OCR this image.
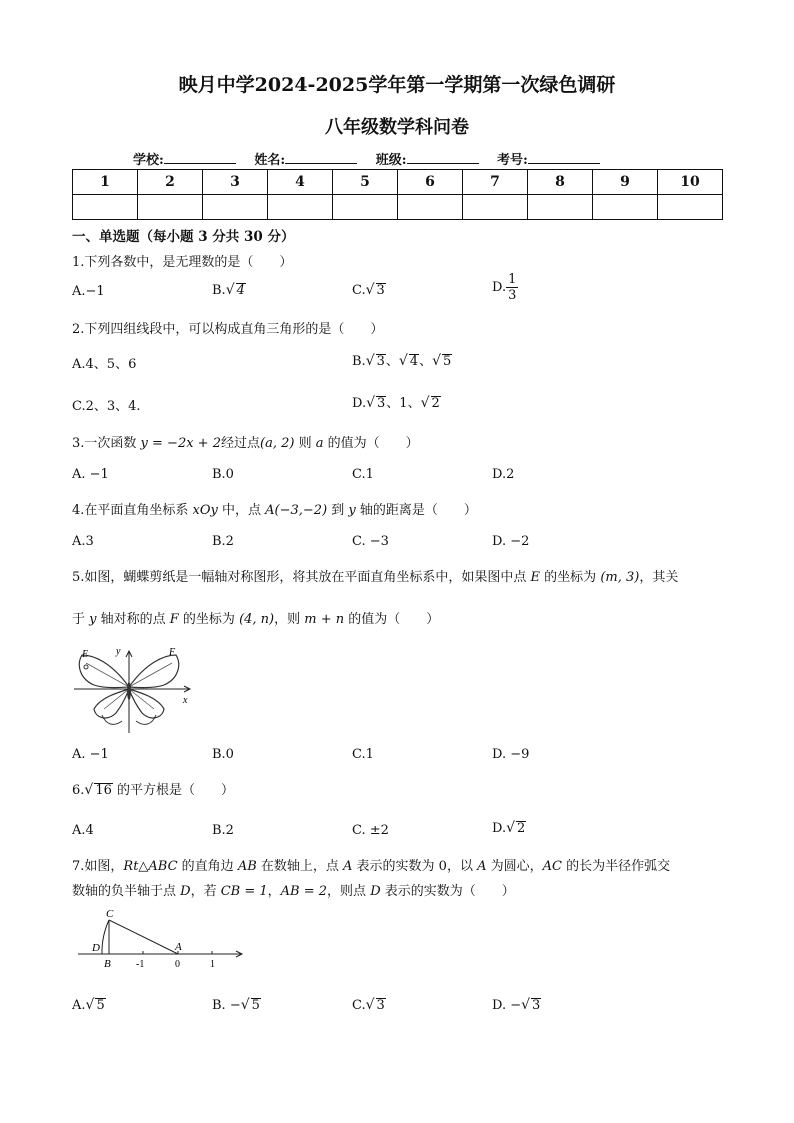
映月中学2024-2025学年第一学期第一次绿色调研
八年级数学科问卷
学校:	姓名:	班级:	考号:
1	2	3	4	5	6	7	8	9	10

一、单选题（每小题 3 分共 30 分）
1.下列各数中，是无理数的是（　　）
A.−1	B.√ 4	C.√ 3	D. $\frac{1}{3}$
2.下列四组线段中，可以构成直角三角形的是（　　）
A.4、5、6	B.√ 3、√ 4、√ 5
C.2、3、4.	D.√ 3、1、√ 2
3.一次函数 y = −2x + 2经过点(a, 2) 则 a 的值为（　　）
A. −1	B.0	C.1	D.2
4.在平面直角坐标系 xOy 中，点 A(−3,−2) 到 y 轴的距离是（　　）
A.3	B.2	C. −3	D. −2
5.如图，蝴蝶剪纸是一幅轴对称图形，将其放在平面直角坐标系中，如果图中点 E 的坐标为 (m, 3)，其关
于 y 轴对称的点 F 的坐标为 (4, n)，则 m + n 的值为（　　）
E	F
y
x
A. −1	B.0	C.1	D. −9
6.√ 16 的平方根是（　　）
A.4	B.2	C. ±2	D.√ 2
7.如图，Rt△ABC 的直角边 AB 在数轴上，点 A 表示的实数为 0，以 A 为圆心，AC 的长为半径作弧交
数轴的负半轴于点 D，若 CB = 1，AB = 2，则点 D 表示的实数为（　　）
C
D
B
A
-1	0	1
A.√ 5	B. −√ 5	C.√ 3	D. −√ 3
